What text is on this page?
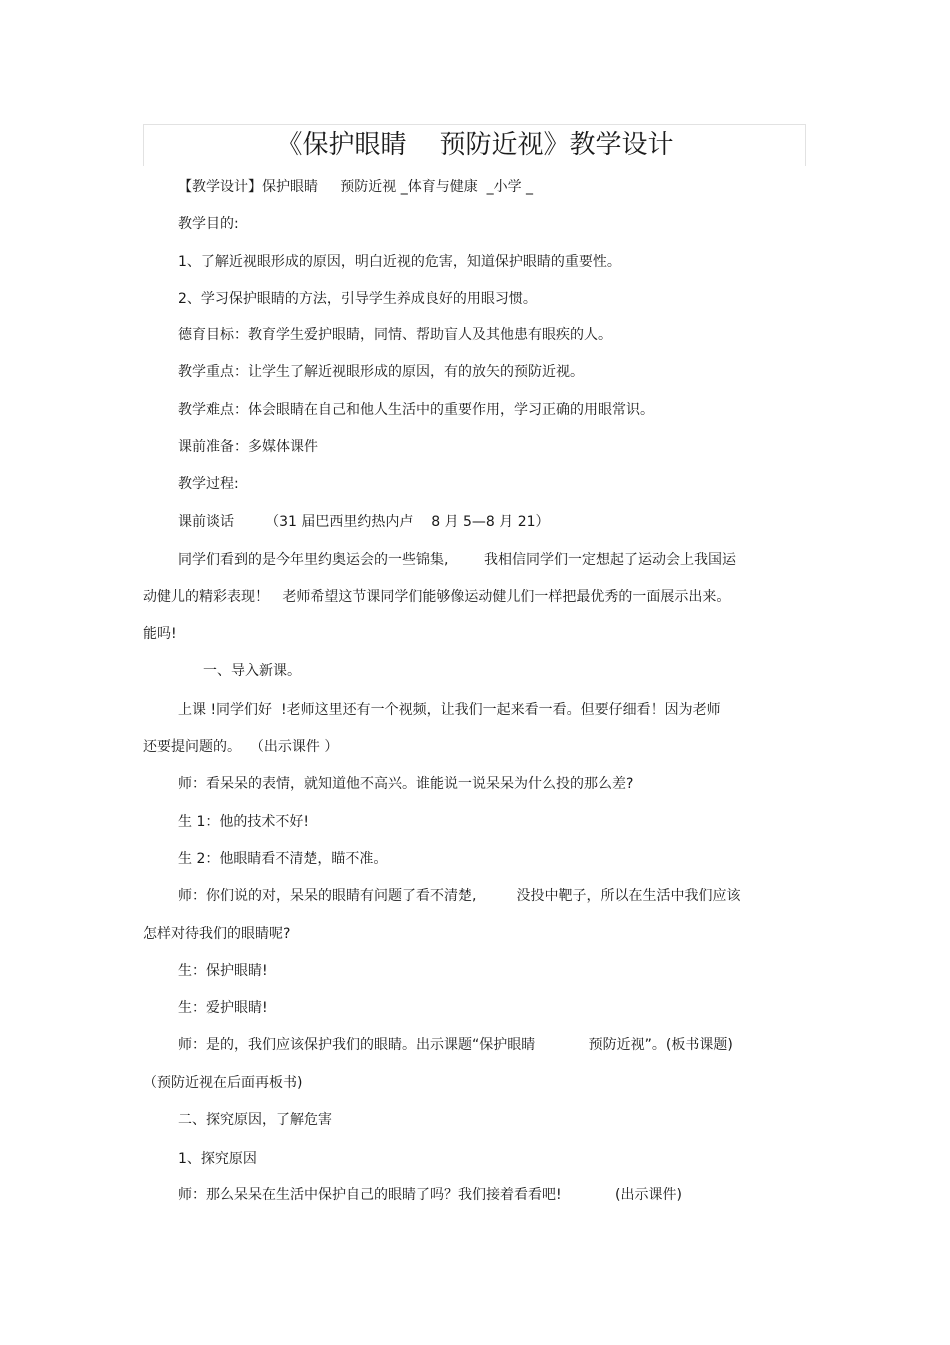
《保护眼睛    预防近视》教学设计
【教学设计】保护眼睛     预防近视 _体育与健康  _小学 _
教学目的:
1、了解近视眼形成的原因，明白近视的危害，知道保护眼睛的重要性。
2、学习保护眼睛的方法，引导学生养成良好的用眼习惯。
德育目标：教育学生爱护眼睛，同情、帮助盲人及其他患有眼疾的人。
教学重点：让学生了解近视眼形成的原因，有的放矢的预防近视。
教学难点：体会眼睛在自己和他人生活中的重要作用，学习正确的用眼常识。
课前准备：多媒体课件
教学过程:
课前谈话       （31 届巴西里约热内卢    8 月 5—8 月 21）
同学们看到的是今年里约奥运会的一些锦集,        我相信同学们一定想起了运动会上我国运
动健儿的精彩表现！   老师希望这节课同学们能够像运动健儿们一样把最优秀的一面展示出来。
能吗!
一、导入新课。
上课 !同学们好  !老师这里还有一个视频，让我们一起来看一看。但要仔细看！因为老师
还要提问题的。  （出示课件 ）
师：看呆呆的表情，就知道他不高兴。谁能说一说呆呆为什么投的那么差?
生 1：他的技术不好!
生 2：他眼睛看不清楚，瞄不准。
师：你们说的对，呆呆的眼睛有问题了看不清楚,         没投中靶子，所以在生活中我们应该
怎样对待我们的眼睛呢?
生：保护眼睛!
生：爱护眼睛!
师：是的，我们应该保护我们的眼睛。出示课题“保护眼睛            预防近视”。(板书课题)
（预防近视在后面再板书)
二、探究原因，了解危害
1、探究原因
师：那么呆呆在生活中保护自己的眼睛了吗？我们接着看看吧!            (出示课件)
